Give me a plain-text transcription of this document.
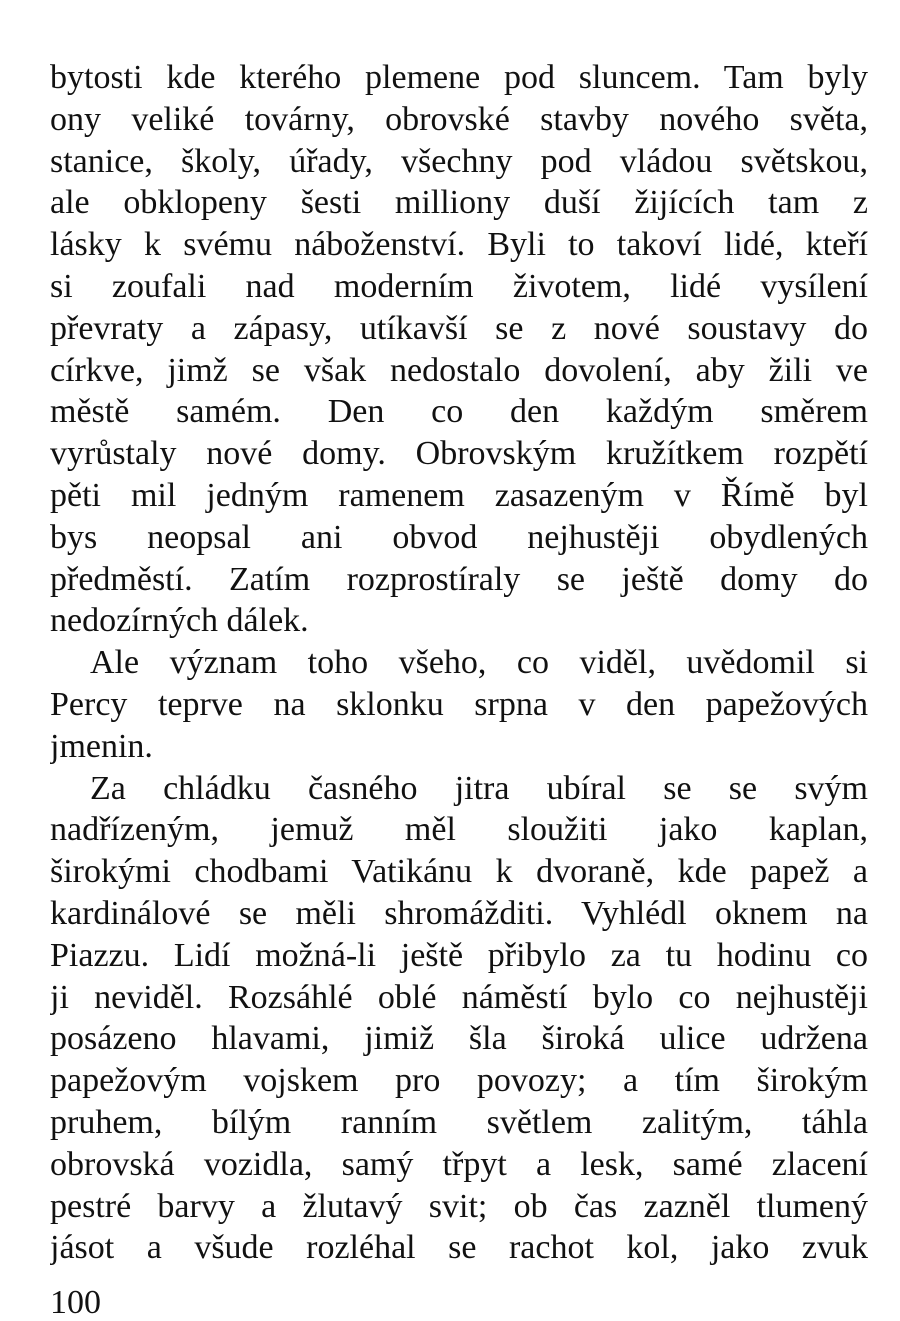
bytosti kde kterého plemene pod sluncem. Tam byly
ony veliké továrny, obrovské stavby nového světa,
stanice, školy, úřady, všechny pod vládou světskou,
ale obklopeny šesti milliony duší žijících tam z
lásky k svému náboženství. Byli to takoví lidé, kteří
si zoufali nad moderním životem, lidé vysílení
převraty a zápasy, utíkavší se z nové soustavy do
církve, jimž se však nedostalo dovolení, aby žili ve
městě samém. Den co den každým směrem
vyrůstaly nové domy. Obrovským kružítkem rozpětí
pěti mil jedným ramenem zasazeným v Římě byl
bys neopsal ani obvod nejhustěji obydlených
předměstí. Zatím rozprostíraly se ještě domy do
nedozírných dálek.
Ale význam toho všeho, co viděl, uvědomil si
Percy teprve na sklonku srpna v den papežových
jmenin.
Za chládku časného jitra ubíral se se svým
nadřízeným, jemuž měl sloužiti jako kaplan,
širokými chodbami Vatikánu k dvoraně, kde papež a
kardinálové se měli shromážditi. Vyhlédl oknem na
Piazzu. Lidí možná-li ještě přibylo za tu hodinu co
ji neviděl. Rozsáhlé oblé náměstí bylo co nejhustěji
posázeno hlavami, jimiž šla široká ulice udržena
papežovým vojskem pro povozy; a tím širokým
pruhem, bílým ranním světlem zalitým, táhla
obrovská vozidla, samý třpyt a lesk, samé zlacení
pestré barvy a žlutavý svit; ob čas zazněl tlumený
jásot a všude rozléhal se rachot kol, jako zvuk
100
